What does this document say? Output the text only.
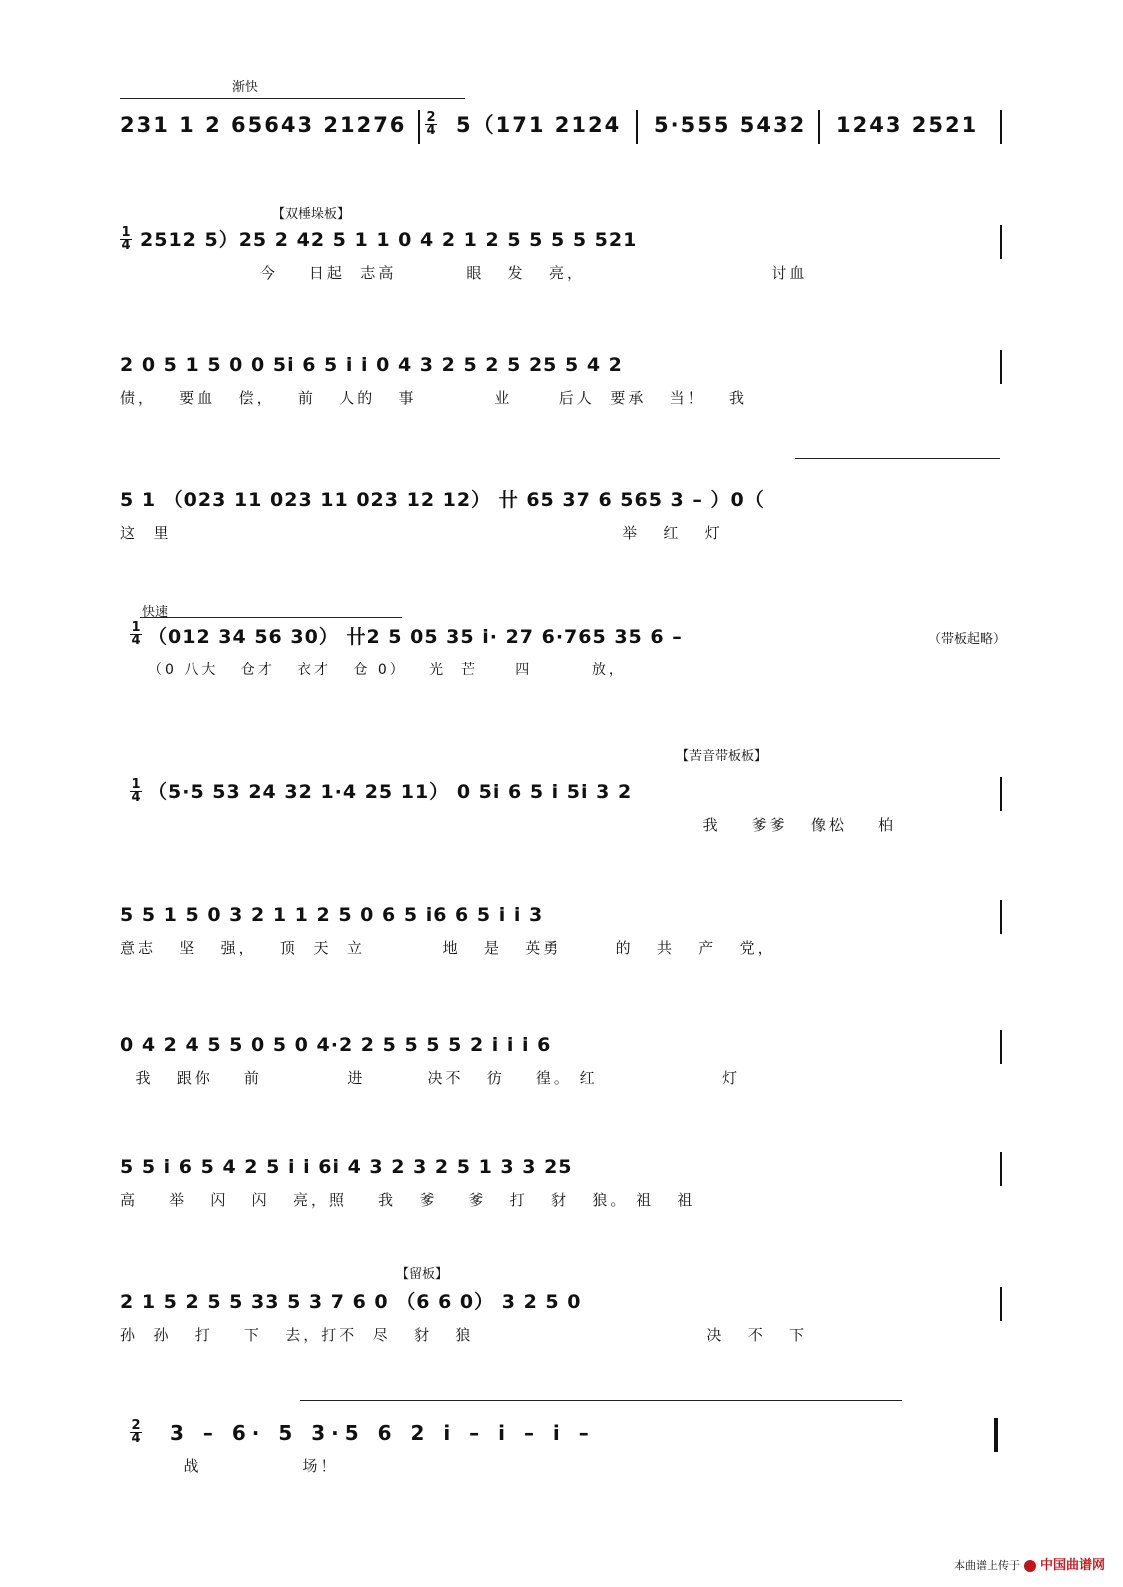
渐快
231 1 2 65643 21276 2
4 5（171 2124 5·555 5432 1243 2521
【双棰垛板】
1
4 2512 5）25 2 42 5 1 1 0 4 2 1 2 5 5 5 5 521
今    日起  志高         眼   发   亮，                        讨血
2 0 5 1 5 0 0 5i 6 5 i i 0 4 3 2 5 2 5 25 5 4 2
债，   要血   偿，   前   人的   事          业      后人  要承   当！   我
5 1 （023 11 023 11 023 12 12） 卄 65 37 6 565 3 – ）0（
这  里                                                          举   红   灯
快速
1
4 （012 34 56 30） 卄2 5 05 35 i· 27 6·765 35 6 –	（带板起略）
（0 八大   仓才   衣才   仓 0）   光  芒     四        放，
【苦音带板板】
1
4 （5·5 53 24 32 1·4 25 11） 0 5i 6 5 i 5i 3 2
我    爹爹   像松    柏
5 5 1 5 0 3 2 1 1 2 5 0 6 5 i6 6 5 i i 3
意志   坚   强，   顶  天  立          地   是   英勇       的   共   产   党，
0 4 2 4 5 5 0 5 0 4·2 2 5 5 5 5 2 i i i 6
我   跟你    前           进        决不   彷    徨。 红                灯
5 5 i 6 5 4 2 5 i i 6i 4 3 2 3 2 5 1 3 3 25
高    举   闪   闪   亮，照    我   爹    爹   打   豺   狼。 祖   祖
【留板】
2 1 5 2 5 5 33 5 3 7 6 0 （6 6 0） 3 2 5 0
孙  孙   打    下   去，打不  尽   豺   狼                              决   不   下
2
4 3 – 6· 5 3·5 6 2 i – i – i –
战             场！
本曲谱上传于 中国曲谱网
